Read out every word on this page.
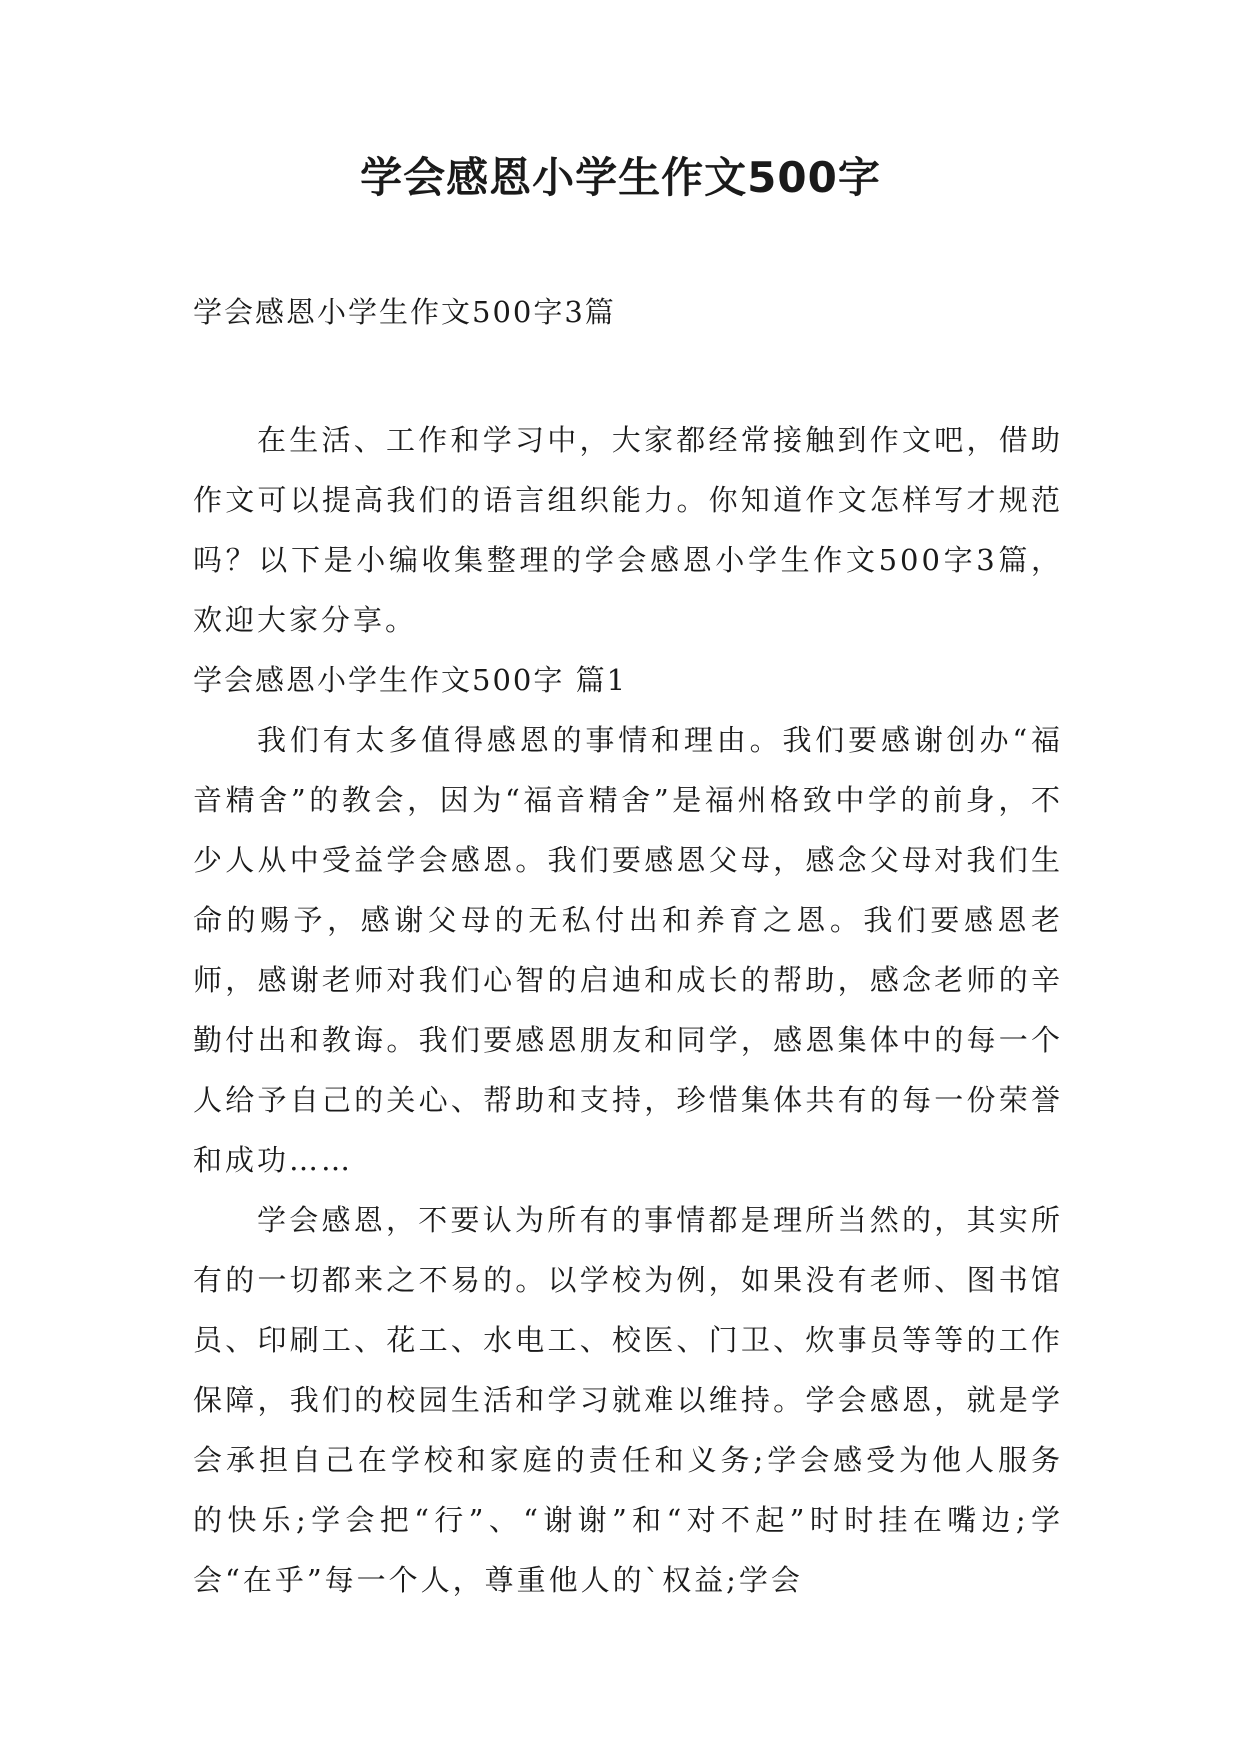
学会感恩小学生作文500字

学会感恩小学生作文500字3篇

在生活、工作和学习中，大家都经常接触到作文吧，借助作文可以提高我们的语言组织能力。你知道作文怎样写才规范吗？以下是小编收集整理的学会感恩小学生作文500字3篇，欢迎大家分享。

学会感恩小学生作文500字 篇1

我们有太多值得感恩的事情和理由。我们要感谢创办“福音精舍”的教会，因为“福音精舍”是福州格致中学的前身，不少人从中受益学会感恩。我们要感恩父母，感念父母对我们生命的赐予，感谢父母的无私付出和养育之恩。我们要感恩老师，感谢老师对我们心智的启迪和成长的帮助，感念老师的辛勤付出和教诲。我们要感恩朋友和同学，感恩集体中的每一个人给予自己的关心、帮助和支持，珍惜集体共有的每一份荣誉和成功……

学会感恩，不要认为所有的事情都是理所当然的，其实所有的一切都来之不易的。以学校为例，如果没有老师、图书馆员、印刷工、花工、水电工、校医、门卫、炊事员等等的工作保障，我们的校园生活和学习就难以维持。学会感恩，就是学会承担自己在学校和家庭的责任和义务;学会感受为他人服务的快乐;学会把“行”、“谢谢”和“对不起”时时挂在嘴边;学会“在乎”每一个人，尊重他人的`权益;学会
